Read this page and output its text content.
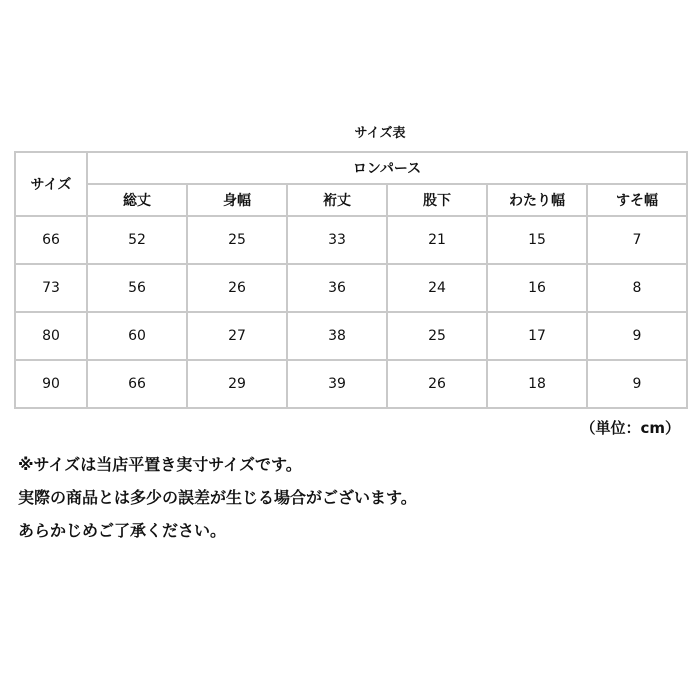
サイズ表
サイズ	ロンパース					
	総丈	身幅	裄丈	股下	わたり幅	すそ幅
66	52	25	33	21	15	7
73	56	26	36	24	16	8
80	60	27	38	25	17	9
90	66	29	39	26	18	9
（単位：cm）
※サイズは当店平置き実寸サイズです。
実際の商品とは多少の誤差が生じる場合がございます。
あらかじめご了承ください。
